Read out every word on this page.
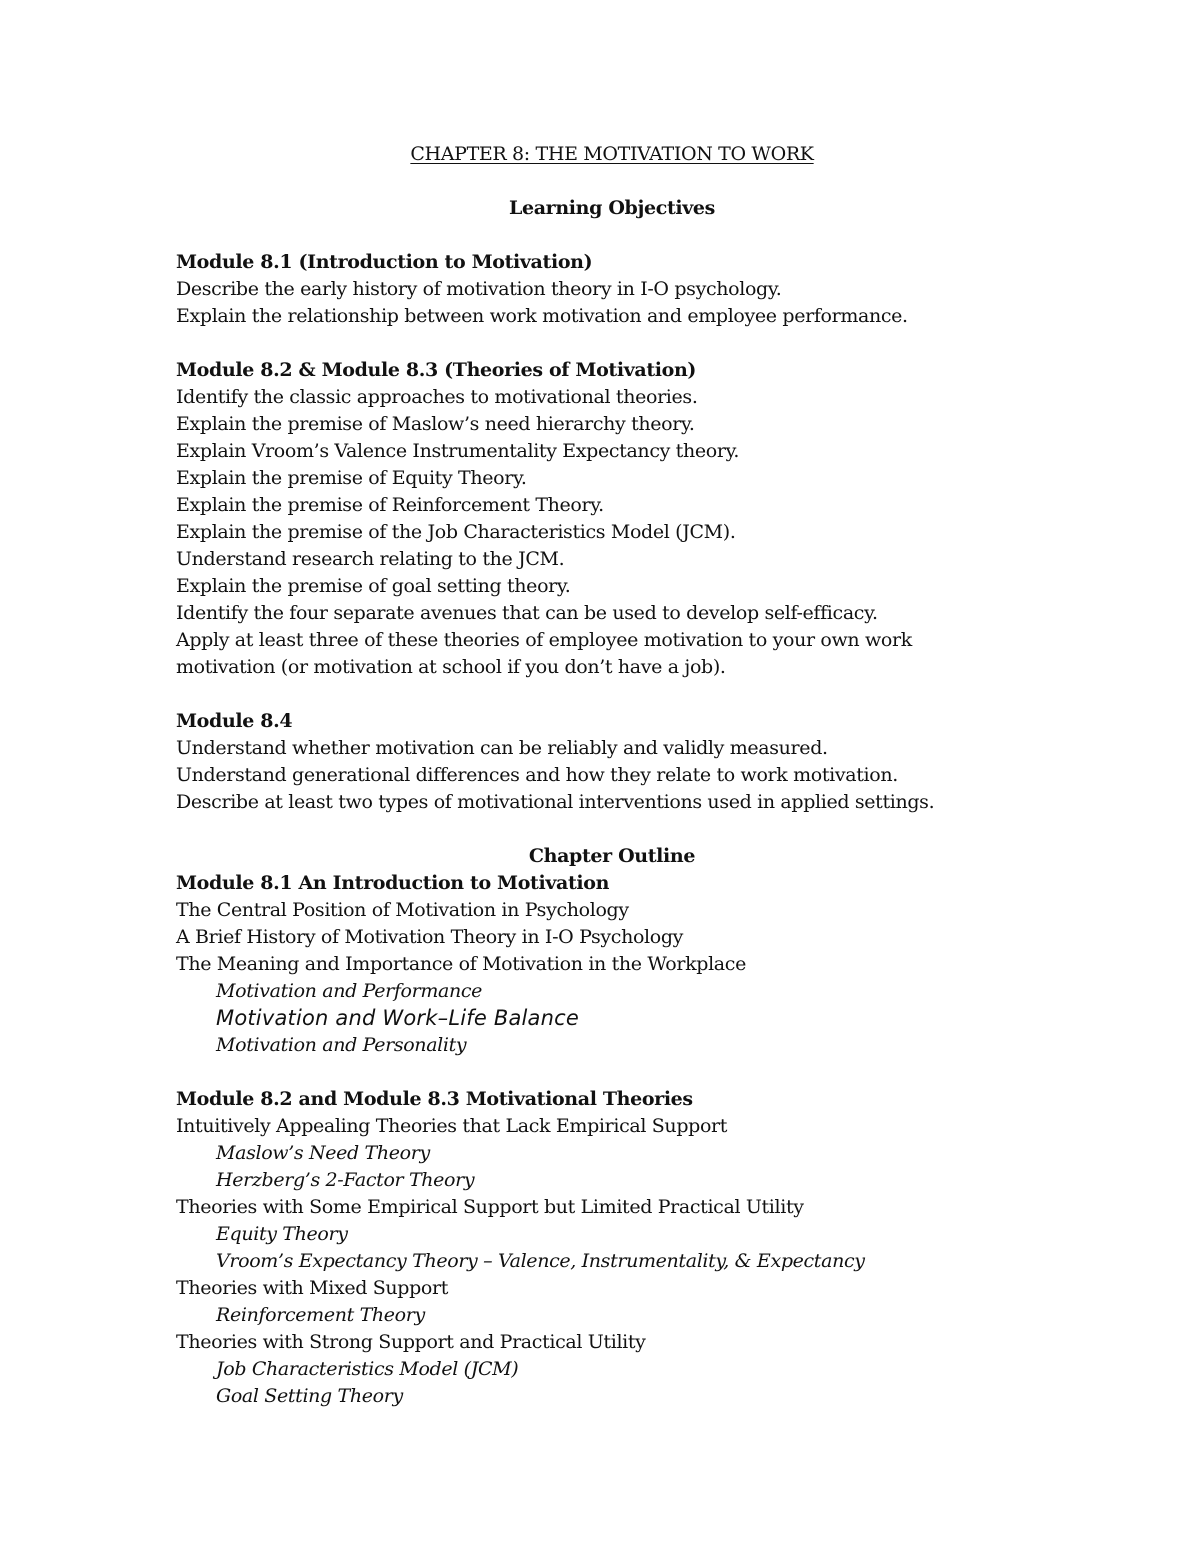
CHAPTER 8: THE MOTIVATION TO WORK
Learning Objectives
Module 8.1 (Introduction to Motivation)
Describe the early history of motivation theory in I-O psychology.
Explain the relationship between work motivation and employee performance.
Module 8.2 & Module 8.3 (Theories of Motivation)
Identify the classic approaches to motivational theories.
Explain the premise of Maslow’s need hierarchy theory.
Explain Vroom’s Valence Instrumentality Expectancy theory.
Explain the premise of Equity Theory.
Explain the premise of Reinforcement Theory.
Explain the premise of the Job Characteristics Model (JCM).
Understand research relating to the JCM.
Explain the premise of goal setting theory.
Identify the four separate avenues that can be used to develop self-efficacy.
Apply at least three of these theories of employee motivation to your own work motivation (or motivation at school if you don’t have a job).
Module 8.4
Understand whether motivation can be reliably and validly measured.
Understand generational differences and how they relate to work motivation.
Describe at least two types of motivational interventions used in applied settings.
Chapter Outline
Module 8.1 An Introduction to Motivation
The Central Position of Motivation in Psychology
A Brief History of Motivation Theory in I-O Psychology
The Meaning and Importance of Motivation in the Workplace
Motivation and Performance
Motivation and Work–Life Balance
Motivation and Personality
Module 8.2 and Module 8.3 Motivational Theories
Intuitively Appealing Theories that Lack Empirical Support
Maslow’s Need Theory
Herzberg’s 2-Factor Theory
Theories with Some Empirical Support but Limited Practical Utility
Equity Theory
Vroom’s Expectancy Theory – Valence, Instrumentality, & Expectancy
Theories with Mixed Support
Reinforcement Theory
Theories with Strong Support and Practical Utility
Job Characteristics Model (JCM)
Goal Setting Theory
